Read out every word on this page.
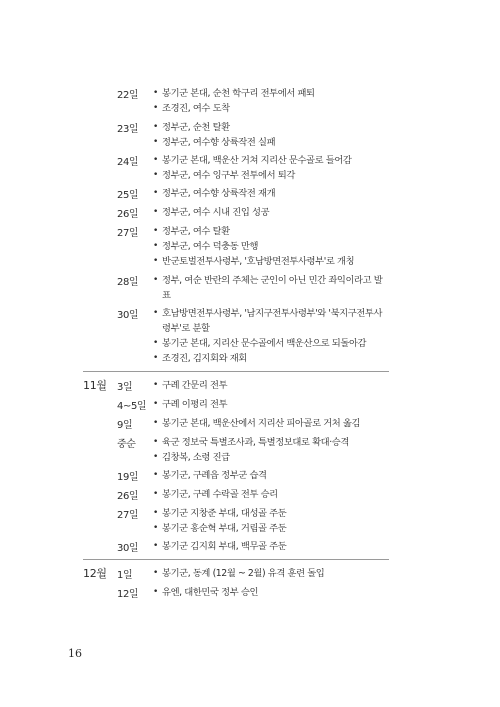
22일 • 봉기군 본대, 순천 학구리 전투에서 패퇴
• 조경진, 여수 도착
23일 • 정부군, 순천 탈환
• 정부군, 여수향 상륙작전 실패
24일 • 봉기군 본대, 백운산 거쳐 지리산 문수골로 들어감
• 정부군, 여수 잉구부 전투에서 퇴각
25일 • 정부군, 여수향 상륙작전 재개
26일 • 정부군, 여수 시내 진입 성공
27일 • 정부군, 여수 탈환
• 정부군, 여수 덕충동 만행
• 반군토벌전투사령부, '호남방면전투사령부'로 개칭
28일 • 정부, 여순 반란의 주체는 군인이 아닌 민간 좌익이라고 발표
30일 • 호남방면전투사령부, '남지구전투사령부'와 '북지구전투사령부'로 분할
• 봉기군 본대, 지리산 문수골에서 백운산으로 되돌아감
• 조경진, 김지회와 재회
11월 3일 • 구례 간문리 전투
4~5일 • 구례 이평리 전투
9일 • 봉기군 본대, 백운산에서 지리산 피아골로 거처 옮김
중순 • 육군 정보국 특별조사과, 특별정보대로 확대·승격
• 김창복, 소령 진급
19일 • 봉기군, 구례읍 정부군 습격
26일 • 봉기군, 구례 수락골 전투 승리
27일 • 봉기군 지창준 부대, 대성골 주둔
• 봉기군 홍순혁 부대, 거림골 주둔
30일 • 봉기군 김지회 부대, 백무골 주둔
12월 1일 • 봉기군, 동계 (12월 ~ 2월) 유격 훈련 돌입
12일 • 유엔, 대한민국 정부 승인
16
